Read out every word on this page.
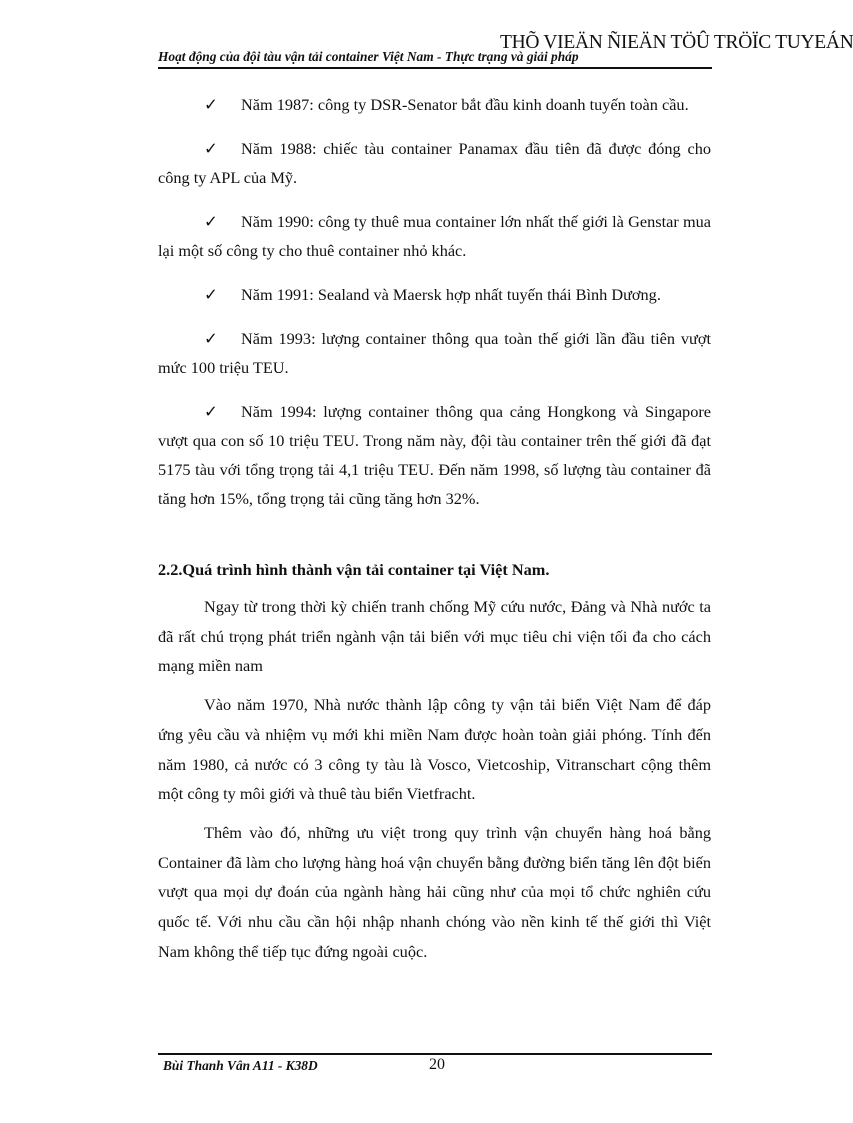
THÕ VIEÄN ÑIEÄN TÖÛ TRÖÏC TUYEÁN
Hoạt động của đội tàu vận tải container Việt Nam - Thực trạng và giải pháp

✓ Năm 1987: công ty DSR-Senator bắt đầu kinh doanh tuyến toàn cầu.

✓ Năm 1988: chiếc tàu container Panamax đầu tiên đã được đóng cho công ty APL của Mỹ.

✓ Năm 1990: công ty thuê mua container lớn nhất thế giới là Genstar mua lại một số công ty cho thuê container nhỏ khác.

✓ Năm 1991: Sealand và Maersk hợp nhất tuyến thái Bình Dương.

✓ Năm 1993: lượng container thông qua toàn thế giới lần đầu tiên vượt mức 100 triệu TEU.

✓ Năm 1994: lượng container thông qua cảng Hongkong và Singapore vượt qua con số 10 triệu TEU. Trong năm này, đội tàu container trên thế giới đã đạt 5175 tàu với tổng trọng tải 4,1 triệu TEU. Đến năm 1998, số lượng tàu container đã tăng hơn 15%, tổng trọng tải cũng tăng hơn 32%.

2.2.Quá trình hình thành vận tải container tại Việt Nam.

Ngay từ trong thời kỳ chiến tranh chống Mỹ cứu nước, Đảng và Nhà nước ta đã rất chú trọng phát triển ngành vận tải biển với mục tiêu chi viện tối đa cho cách mạng miền nam

Vào năm 1970, Nhà nước thành lập công ty vận tải biển Việt Nam để đáp ứng yêu cầu và nhiệm vụ mới khi miền Nam được hoàn toàn giải phóng. Tính đến năm 1980, cả nước có 3 công ty tàu là Vosco, Vietcoship, Vitranschart cộng thêm một công ty môi giới và thuê tàu biển Vietfracht.

Thêm vào đó, những ưu việt trong quy trình vận chuyển hàng hoá bằng Container đã làm cho lượng hàng hoá vận chuyển bằng đường biển tăng lên đột biến vượt qua mọi dự đoán của ngành hàng hải cũng như của mọi tổ chức nghiên cứu quốc tế. Với nhu cầu cần hội nhập nhanh chóng vào nền kinh tế thế giới thì Việt Nam không thể tiếp tục đứng ngoài cuộc.

Bùi Thanh Vân A11 - K38D	20
